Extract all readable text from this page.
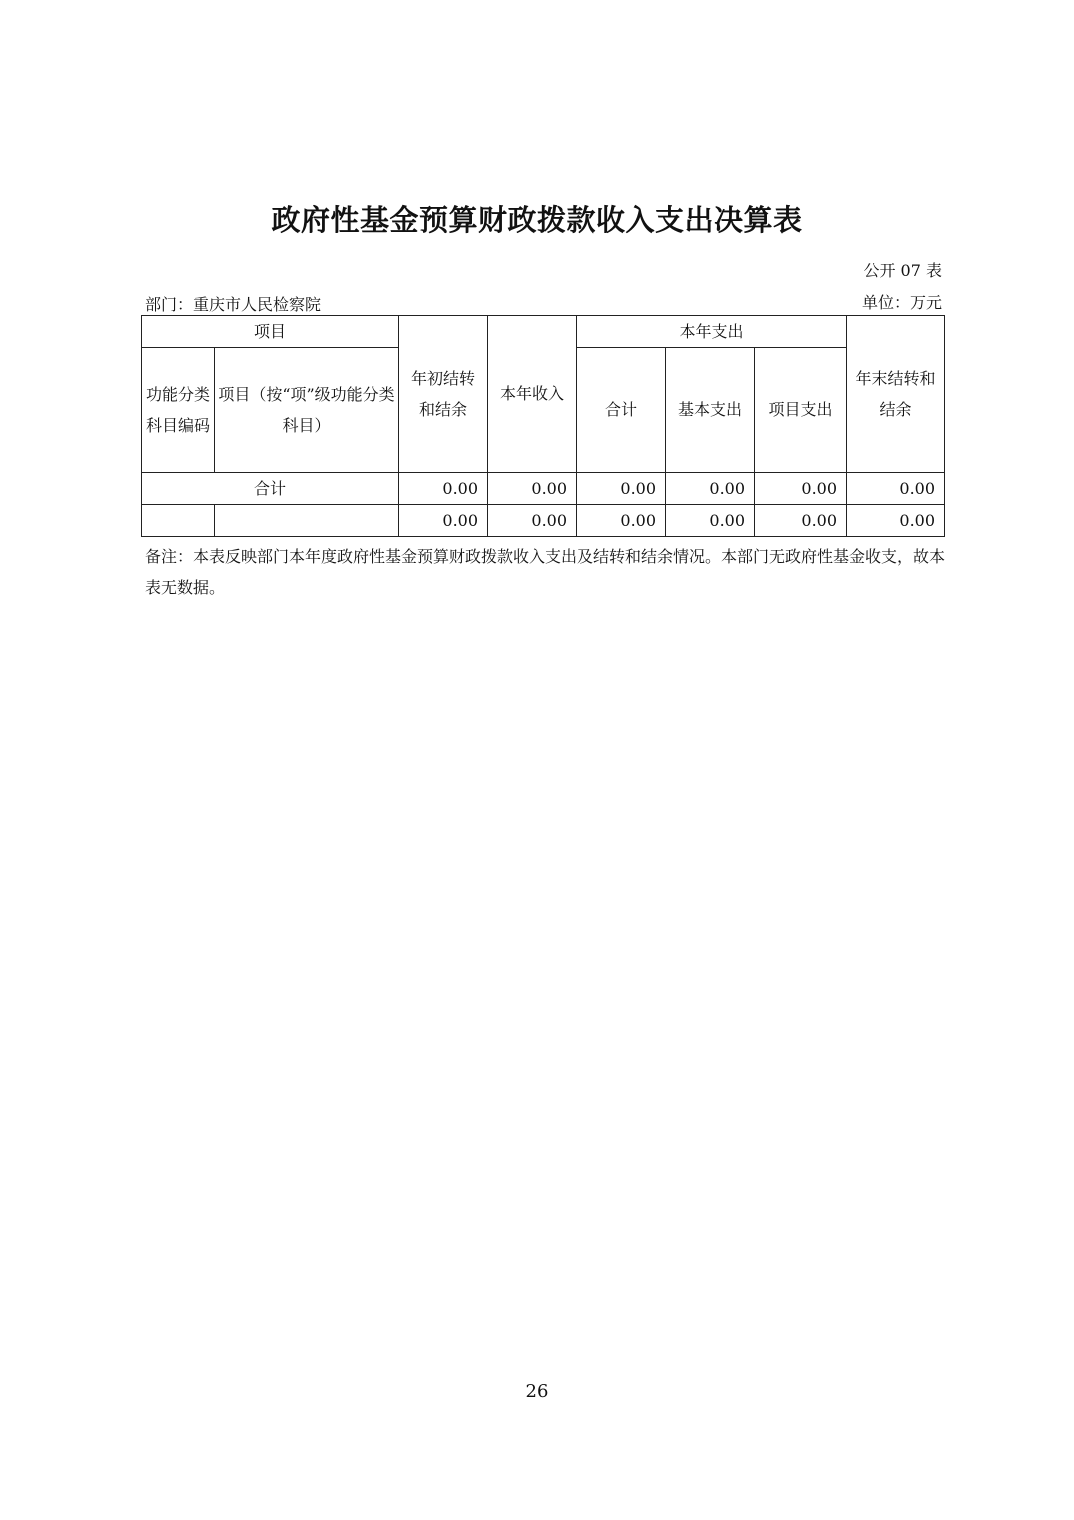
政府性基金预算财政拨款收入支出决算表
公开 07 表
部门：重庆市人民检察院	单位：万元
项目		年初结转和结余	本年收入	本年支出			年末结转和结余

功能分类科目编码	项目（按“项”级功能分类科目）			合计	基本支出	项目支出	
合计		0.00	0.00	0.00	0.00	0.00	0.00
		0.00	0.00	0.00	0.00	0.00	0.00
备注：本表反映部门本年度政府性基金预算财政拨款收入支出及结转和结余情况。本部门无政府性基金收支，故本表无数据。
26
